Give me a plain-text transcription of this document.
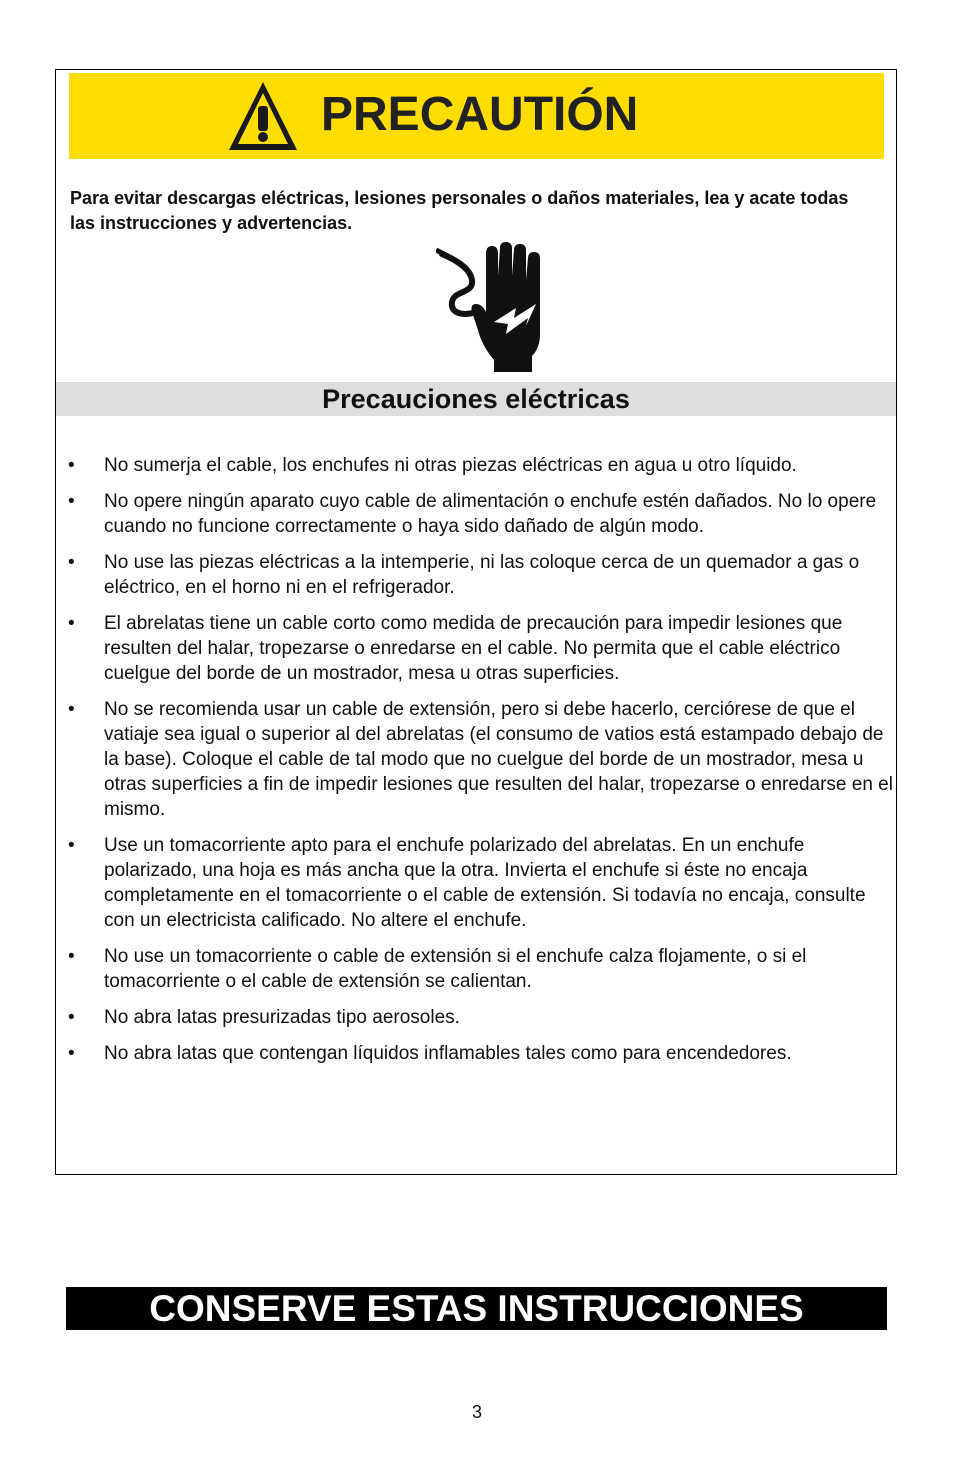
PRECAUTIÓN

Para evitar descargas eléctricas, lesiones personales o daños materiales, lea y acate todas las instrucciones y advertencias.

Precauciones eléctricas
• No sumerja el cable, los enchufes ni otras piezas eléctricas en agua u otro líquido.
• No opere ningún aparato cuyo cable de alimentación o enchufe estén dañados. No lo opere cuando no funcione correctamente o haya sido dañado de algún modo.
• No use las piezas eléctricas a la intemperie, ni las coloque cerca de un quemador a gas o eléctrico, en el horno ni en el refrigerador.
• El abrelatas tiene un cable corto como medida de precaución para impedir lesiones que resulten del halar, tropezarse o enredarse en el cable. No permita que el cable eléctrico cuelgue del borde de un mostrador, mesa u otras superficies.
• No se recomienda usar un cable de extensión, pero si debe hacerlo, cerciórese de que el vatiaje sea igual o superior al del abrelatas (el consumo de vatios está estampado debajo de la base). Coloque el cable de tal modo que no cuelgue del borde de un mostrador, mesa u otras superficies a fin de impedir lesiones que resulten del halar, tropezarse o enredarse en el mismo.
• Use un tomacorriente apto para el enchufe polarizado del abrelatas. En un enchufe polarizado, una hoja es más ancha que la otra. Invierta el enchufe si éste no encaja completamente en el tomacorriente o el cable de extensión. Si todavía no encaja, consulte con un electricista calificado. No altere el enchufe.
• No use un tomacorriente o cable de extensión si el enchufe calza flojamente, o si el tomacorriente o el cable de extensión se calientan.
• No abra latas presurizadas tipo aerosoles.
• No abra latas que contengan líquidos inflamables tales como para encendedores.
CONSERVE ESTAS INSTRUCCIONES
3
